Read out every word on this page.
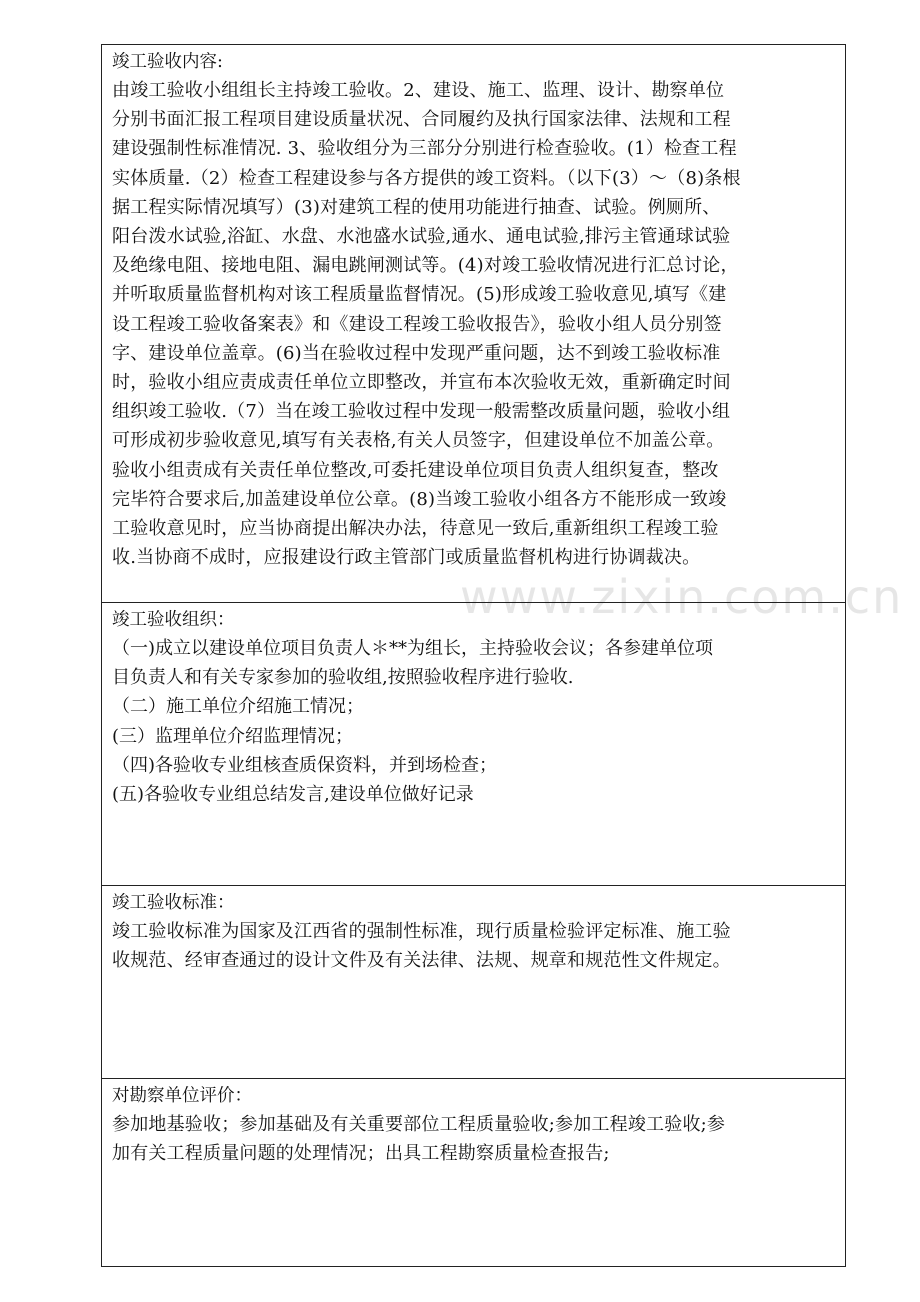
www.zixin.com.cn

竣工验收内容:

由竣工验收小组组长主持竣工验收。2、建设、施工、监理、设计、勘察单位
分别书面汇报工程项目建设质量状况、合同履约及执行国家法律、法规和工程
建设强制性标准情况. 3、验收组分为三部分分别进行检查验收。(1）检查工程
实体质量.（2）检查工程建设参与各方提供的竣工资料。（以下(3）～（8)条根
据工程实际情况填写）(3)对建筑工程的使用功能进行抽查、试验。例厕所、
阳台泼水试验,浴缸、水盘、水池盛水试验,通水、通电试验,排污主管通球试验
及绝缘电阻、接地电阻、漏电跳闸测试等。(4)对竣工验收情况进行汇总讨论，
并听取质量监督机构对该工程质量监督情况。(5)形成竣工验收意见,填写《建
设工程竣工验收备案表》和《建设工程竣工验收报告》，验收小组人员分别签
字、建设单位盖章。(6)当在验收过程中发现严重问题，达不到竣工验收标准
时，验收小组应责成责任单位立即整改，并宣布本次验收无效，重新确定时间
组织竣工验收.（7）当在竣工验收过程中发现一般需整改质量问题，验收小组
可形成初步验收意见,填写有关表格,有关人员签字，但建设单位不加盖公章。
验收小组责成有关责任单位整改,可委托建设单位项目负责人组织复查，整改
完毕符合要求后,加盖建设单位公章。(8)当竣工验收小组各方不能形成一致竣
工验收意见时，应当协商提出解决办法，待意见一致后,重新组织工程竣工验
收.当协商不成时，应报建设行政主管部门或质量监督机构进行协调裁决。

竣工验收组织：

（一)成立以建设单位项目负责人＊**为组长，主持验收会议；各参建单位项
目负责人和有关专家参加的验收组,按照验收程序进行验收.

（二）施工单位介绍施工情况；

(三）监理单位介绍监理情况；

（四)各验收专业组核查质保资料，并到场检查；

(五)各验收专业组总结发言,建设单位做好记录

竣工验收标准：

竣工验收标准为国家及江西省的强制性标准，现行质量检验评定标准、施工验
收规范、经审查通过的设计文件及有关法律、法规、规章和规范性文件规定。

对勘察单位评价：

参加地基验收；参加基础及有关重要部位工程质量验收;参加工程竣工验收;参
加有关工程质量问题的处理情况；出具工程勘察质量检查报告;
